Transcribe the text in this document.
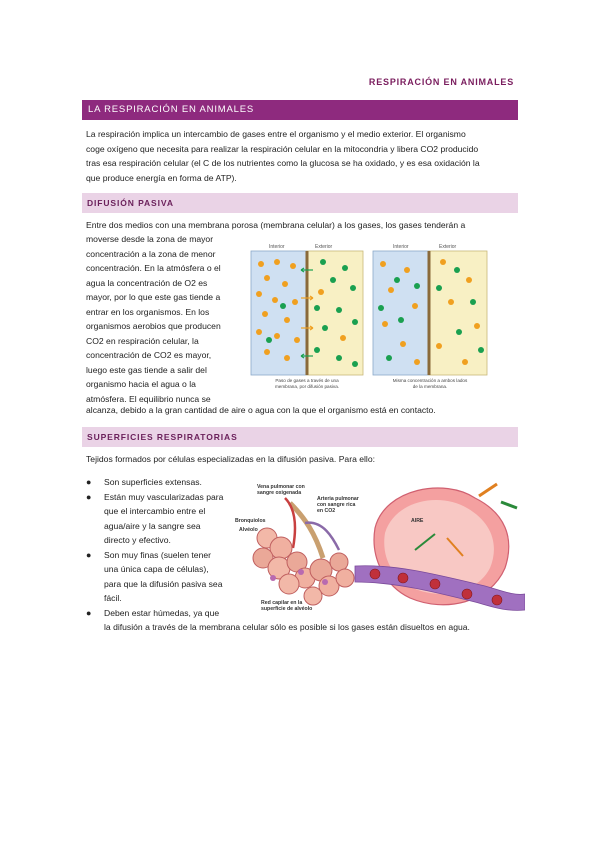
RESPIRACIÓN EN ANIMALES
LA RESPIRACIÓN EN ANIMALES
La respiración implica un intercambio de gases entre el organismo y el medio exterior. El organismo
coge oxígeno que necesita para realizar la respiración celular en la mitocondria y libera CO2 producido
tras esa respiración celular (el C de los nutrientes como la glucosa se ha oxidado, y es esa oxidación la
que produce energía en forma de ATP).
DIFUSIÓN PASIVA
Entre dos medios con una membrana porosa (membrana celular) a los gases, los gases tenderán a
moverse desde la zona de mayor
concentración a la zona de menor
concentración. En la atmósfera o el
agua la concentración de O2 es
mayor, por lo que este gas tiende a
entrar en los organismos. En los
organismos aerobios que producen
CO2 en respiración celular, la
concentración de CO2 es mayor,
luego este gas tiende a salir del
organismo hacia el agua o la
atmósfera. El equilibrio nunca se
alcanza, debido a la gran cantidad de aire o agua con la que el organismo está en contacto.
Interior	Exterior
Paso de gases a través de una
membrana, por difusión pasiva.
Interior	Exterior
Misma concentración a ambos lados
de la membrana.
SUPERFICIES RESPIRATORIAS
Tejidos formados por células especializadas en la difusión pasiva. Para ello:
● Son superficies extensas.
● Están muy vascularizadas para
que el intercambio entre el
agua/aire y la sangre sea
directo y efectivo.
● Son muy finas (suelen tener
una única capa de células),
para que la difusión pasiva sea
fácil.
● Deben estar húmedas, ya que
la difusión a través de la membrana celular sólo es posible si los gases están disueltos en agua.
Vena pulmonar con
sangre oxigenada
Bronquiolos
Alvéolo
Arteria pulmonar
con sangre rica
en CO2
Red capilar en la
superficie de alvéolo
AIRE
